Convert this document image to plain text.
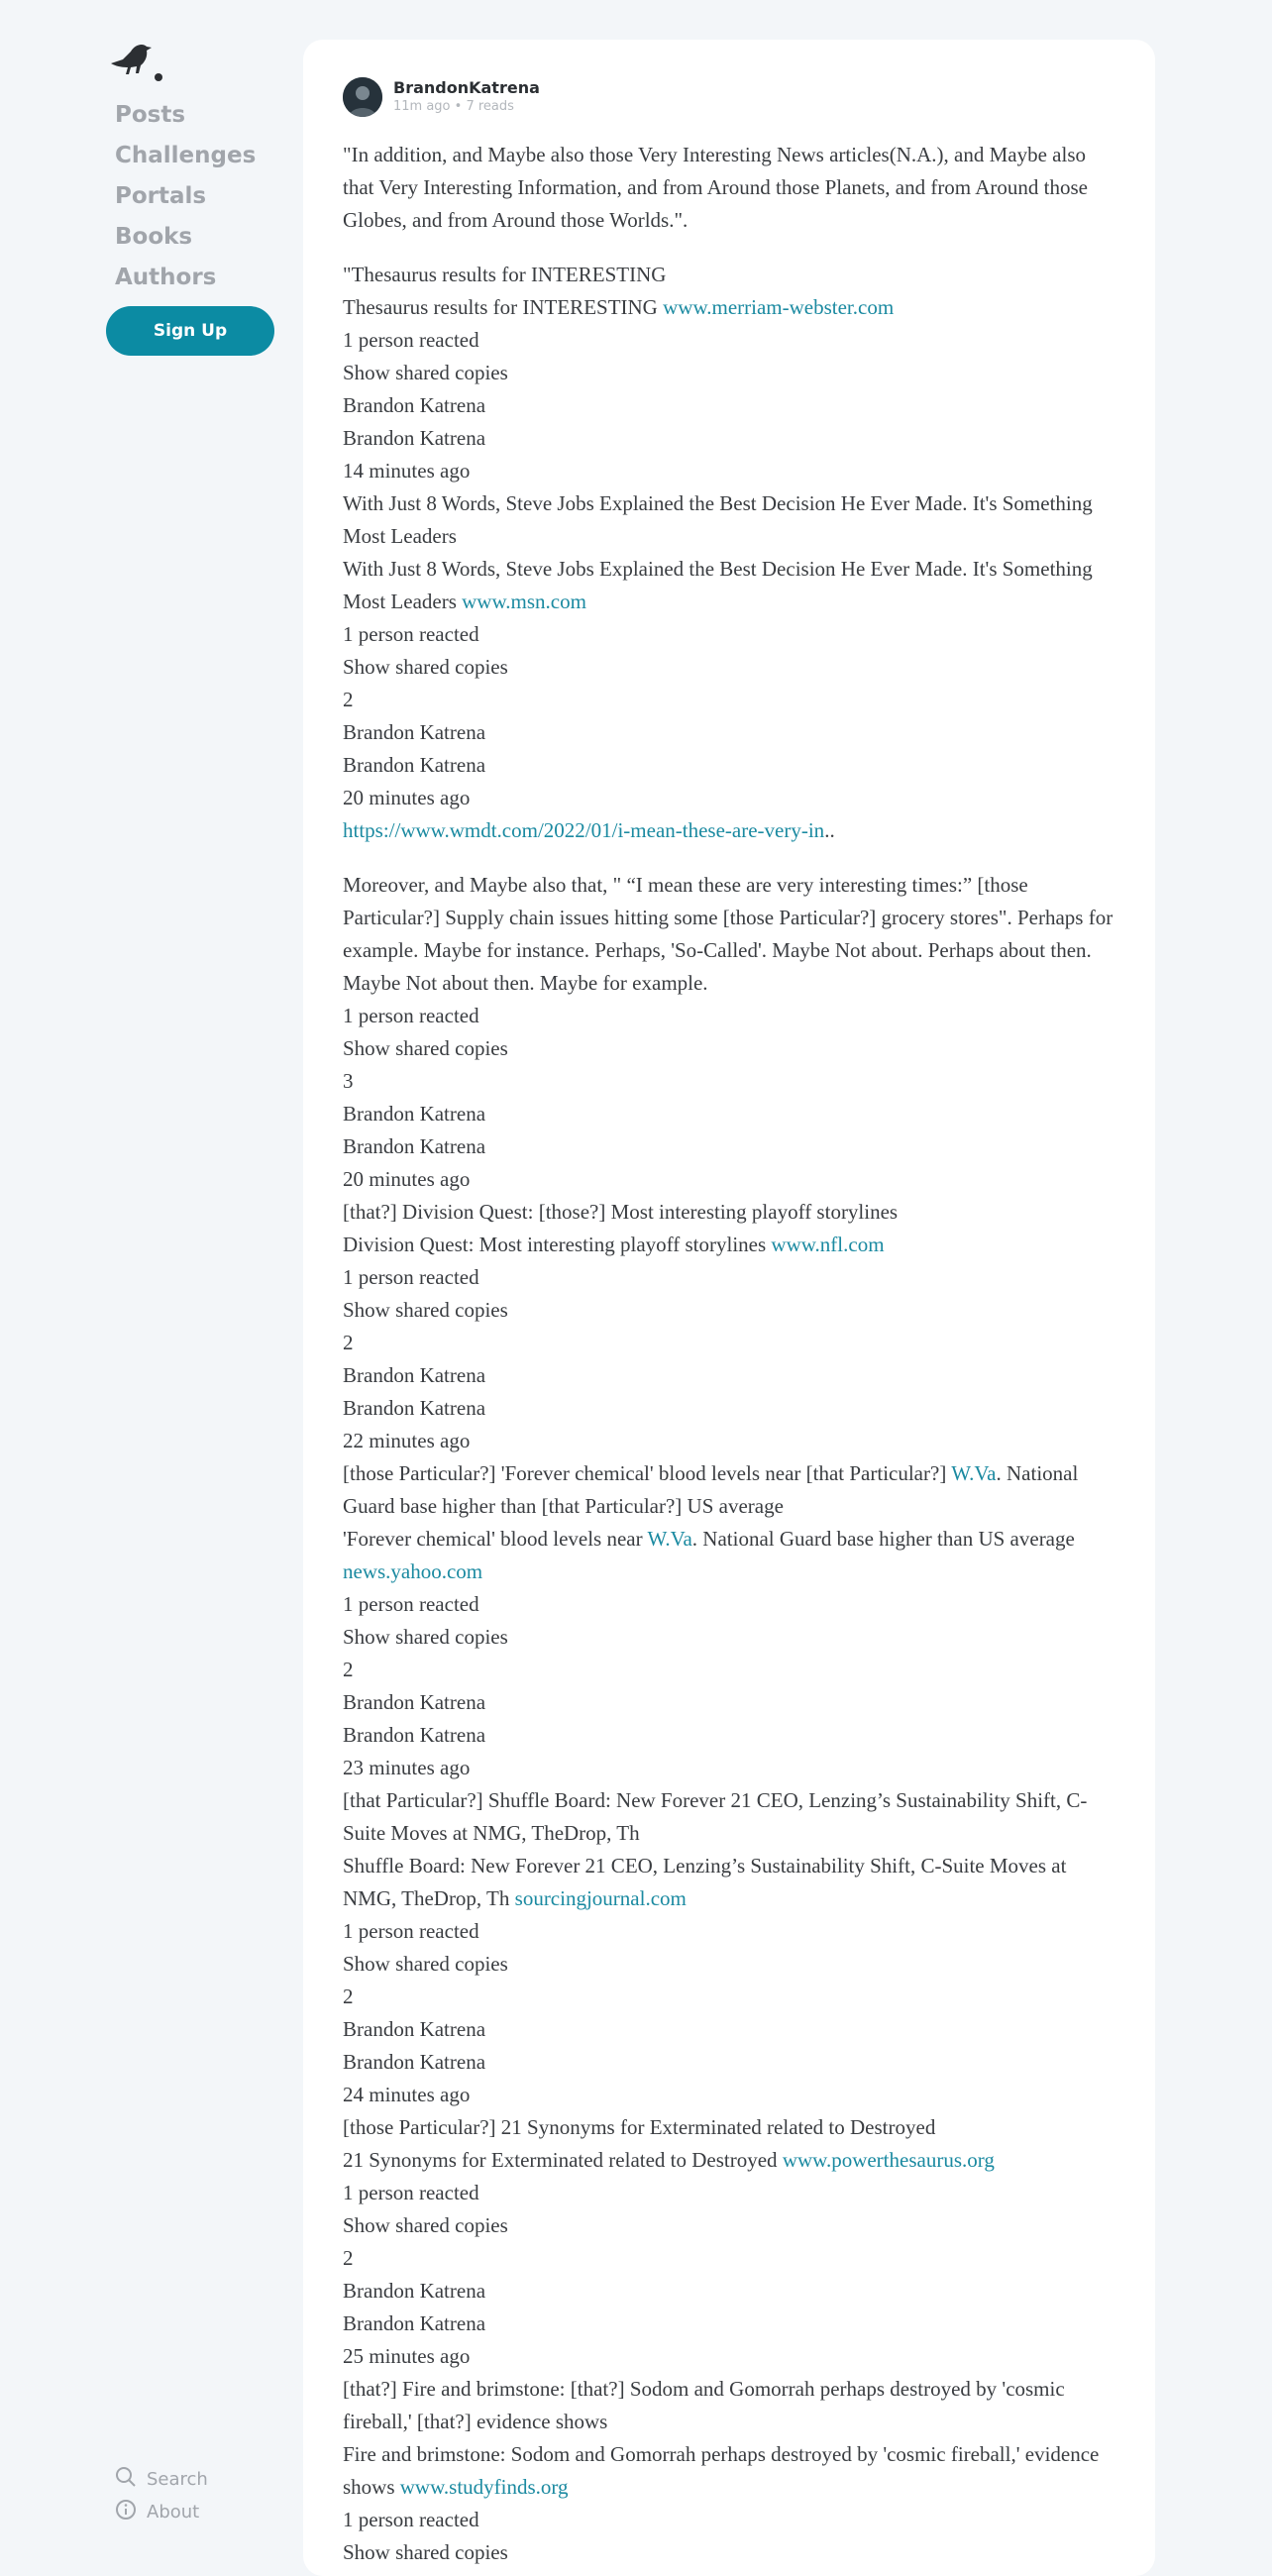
Posts
Challenges
Portals
Books
Authors
Sign Up
Search
About
BrandonKatrena
11m ago • 7 reads

"In addition, and Maybe also those Very Interesting News articles(N.A.), and Maybe also that Very Interesting Information, and from Around those Planets, and from Around those Globes, and from Around those Worlds.".

"Thesaurus results for INTERESTING
Thesaurus results for INTERESTING www.merriam-webster.com
1 person reacted
Show shared copies
Brandon Katrena
Brandon Katrena
14 minutes ago
With Just 8 Words, Steve Jobs Explained the Best Decision He Ever Made. It's Something Most Leaders
With Just 8 Words, Steve Jobs Explained the Best Decision He Ever Made. It's Something Most Leaders www.msn.com
1 person reacted
Show shared copies
2
Brandon Katrena
Brandon Katrena
20 minutes ago
https://www.wmdt.com/2022/01/i-mean-these-are-very-in..

Moreover, and Maybe also that, " “I mean these are very interesting times:” [those Particular?] Supply chain issues hitting some [those Particular?] grocery stores". Perhaps for example. Maybe for instance. Perhaps, 'So-Called'. Maybe Not about. Perhaps about then. Maybe Not about then. Maybe for example.
1 person reacted
Show shared copies
3
Brandon Katrena
Brandon Katrena
20 minutes ago
[that?] Division Quest: [those?] Most interesting playoff storylines
Division Quest: Most interesting playoff storylines www.nfl.com
1 person reacted
Show shared copies
2
Brandon Katrena
Brandon Katrena
22 minutes ago
[those Particular?] 'Forever chemical' blood levels near [that Particular?] W.Va. National Guard base higher than [that Particular?] US average
'Forever chemical' blood levels near W.Va. National Guard base higher than US average news.yahoo.com
1 person reacted
Show shared copies
2
Brandon Katrena
Brandon Katrena
23 minutes ago
[that Particular?] Shuffle Board: New Forever 21 CEO, Lenzing’s Sustainability Shift, C-Suite Moves at NMG, TheDrop, Th
Shuffle Board: New Forever 21 CEO, Lenzing’s Sustainability Shift, C-Suite Moves at NMG, TheDrop, Th sourcingjournal.com
1 person reacted
Show shared copies
2
Brandon Katrena
Brandon Katrena
24 minutes ago
[those Particular?] 21 Synonyms for Exterminated related to Destroyed
21 Synonyms for Exterminated related to Destroyed www.powerthesaurus.org
1 person reacted
Show shared copies
2
Brandon Katrena
Brandon Katrena
25 minutes ago
[that?] Fire and brimstone: [that?] Sodom and Gomorrah perhaps destroyed by 'cosmic fireball,' [that?] evidence shows
Fire and brimstone: Sodom and Gomorrah perhaps destroyed by 'cosmic fireball,' evidence shows www.studyfinds.org
1 person reacted
Show shared copies
